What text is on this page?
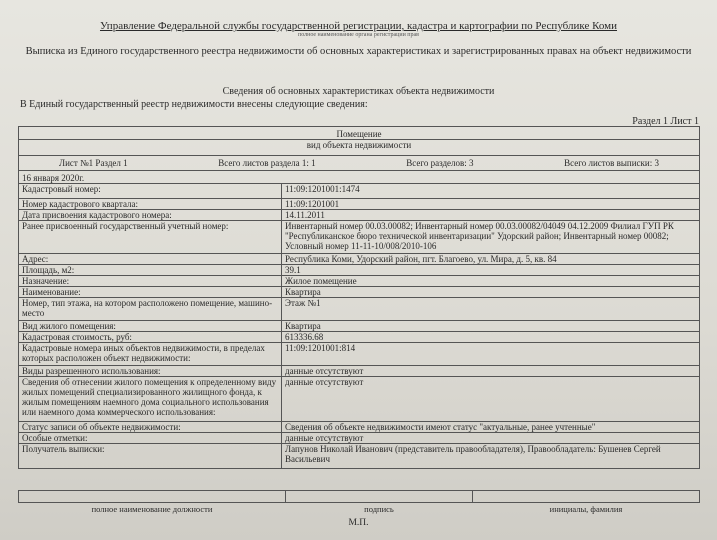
Управление Федеральной службы государственной регистрации, кадастра и картографии по Республике Коми
полное наименование органа регистрации прав
Выписка из Единого государственного реестра недвижимости об основных характеристиках и зарегистрированных правах на объект недвижимости
Сведения об основных характеристиках объекта недвижимости
В Единый государственный реестр недвижимости внесены следующие сведения:
Раздел 1 Лист 1
Помещение	
вид объекта недвижимости	

Лист №1 Раздел 1 Всего листов раздела 1: 1 Всего разделов: 3 Всего листов выписки: 3	

16 января 2020г.	
Кадастровый номер:	11:09:1201001:1474
Номер кадастрового квартала:	11:09:1201001
Дата присвоения кадастрового номера:	14.11.2011
Ранее присвоенный государственный учетный номер:	Инвентарный номер 00.03.00082; Инвентарный номер 00.03.00082/04049 04.12.2009 Филиал ГУП РК "Республиканское бюро технической инвентаризации" Удорский район; Инвентарный номер 00082; Условный номер 11-11-10/008/2010-106
Адрес:	Республика Коми, Удорский район, пгт. Благоево, ул. Мира, д. 5, кв. 84
Площадь, м2:	39.1
Назначение:	Жилое помещение
Наименование:	Квартира
Номер, тип этажа, на котором расположено помещение, машино-место	Этаж №1
Вид жилого помещения:	Квартира
Кадастровая стоимость, руб:	613336.68
Кадастровые номера иных объектов недвижимости, в пределах которых расположен объект недвижимости:	11:09:1201001:814
Виды разрешенного использования:	данные отсутствуют
Сведения об отнесении жилого помещения к определенному виду жилых помещений специализированного жилищного фонда, к жилым помещениям наемного дома социального использования или наемного дома коммерческого использования:	данные отсутствуют
Статус записи об объекте недвижимости:	Сведения об объекте недвижимости имеют статус "актуальные, ранее учтенные"
Особые отметки:	данные отсутствуют
Получатель выписки:	Лапунов Николай Иванович (представитель правообладателя), Правообладатель: Бушенев Сергей Васильевич

полное наименование должности	подпись	инициалы, фамилия
М.П.
